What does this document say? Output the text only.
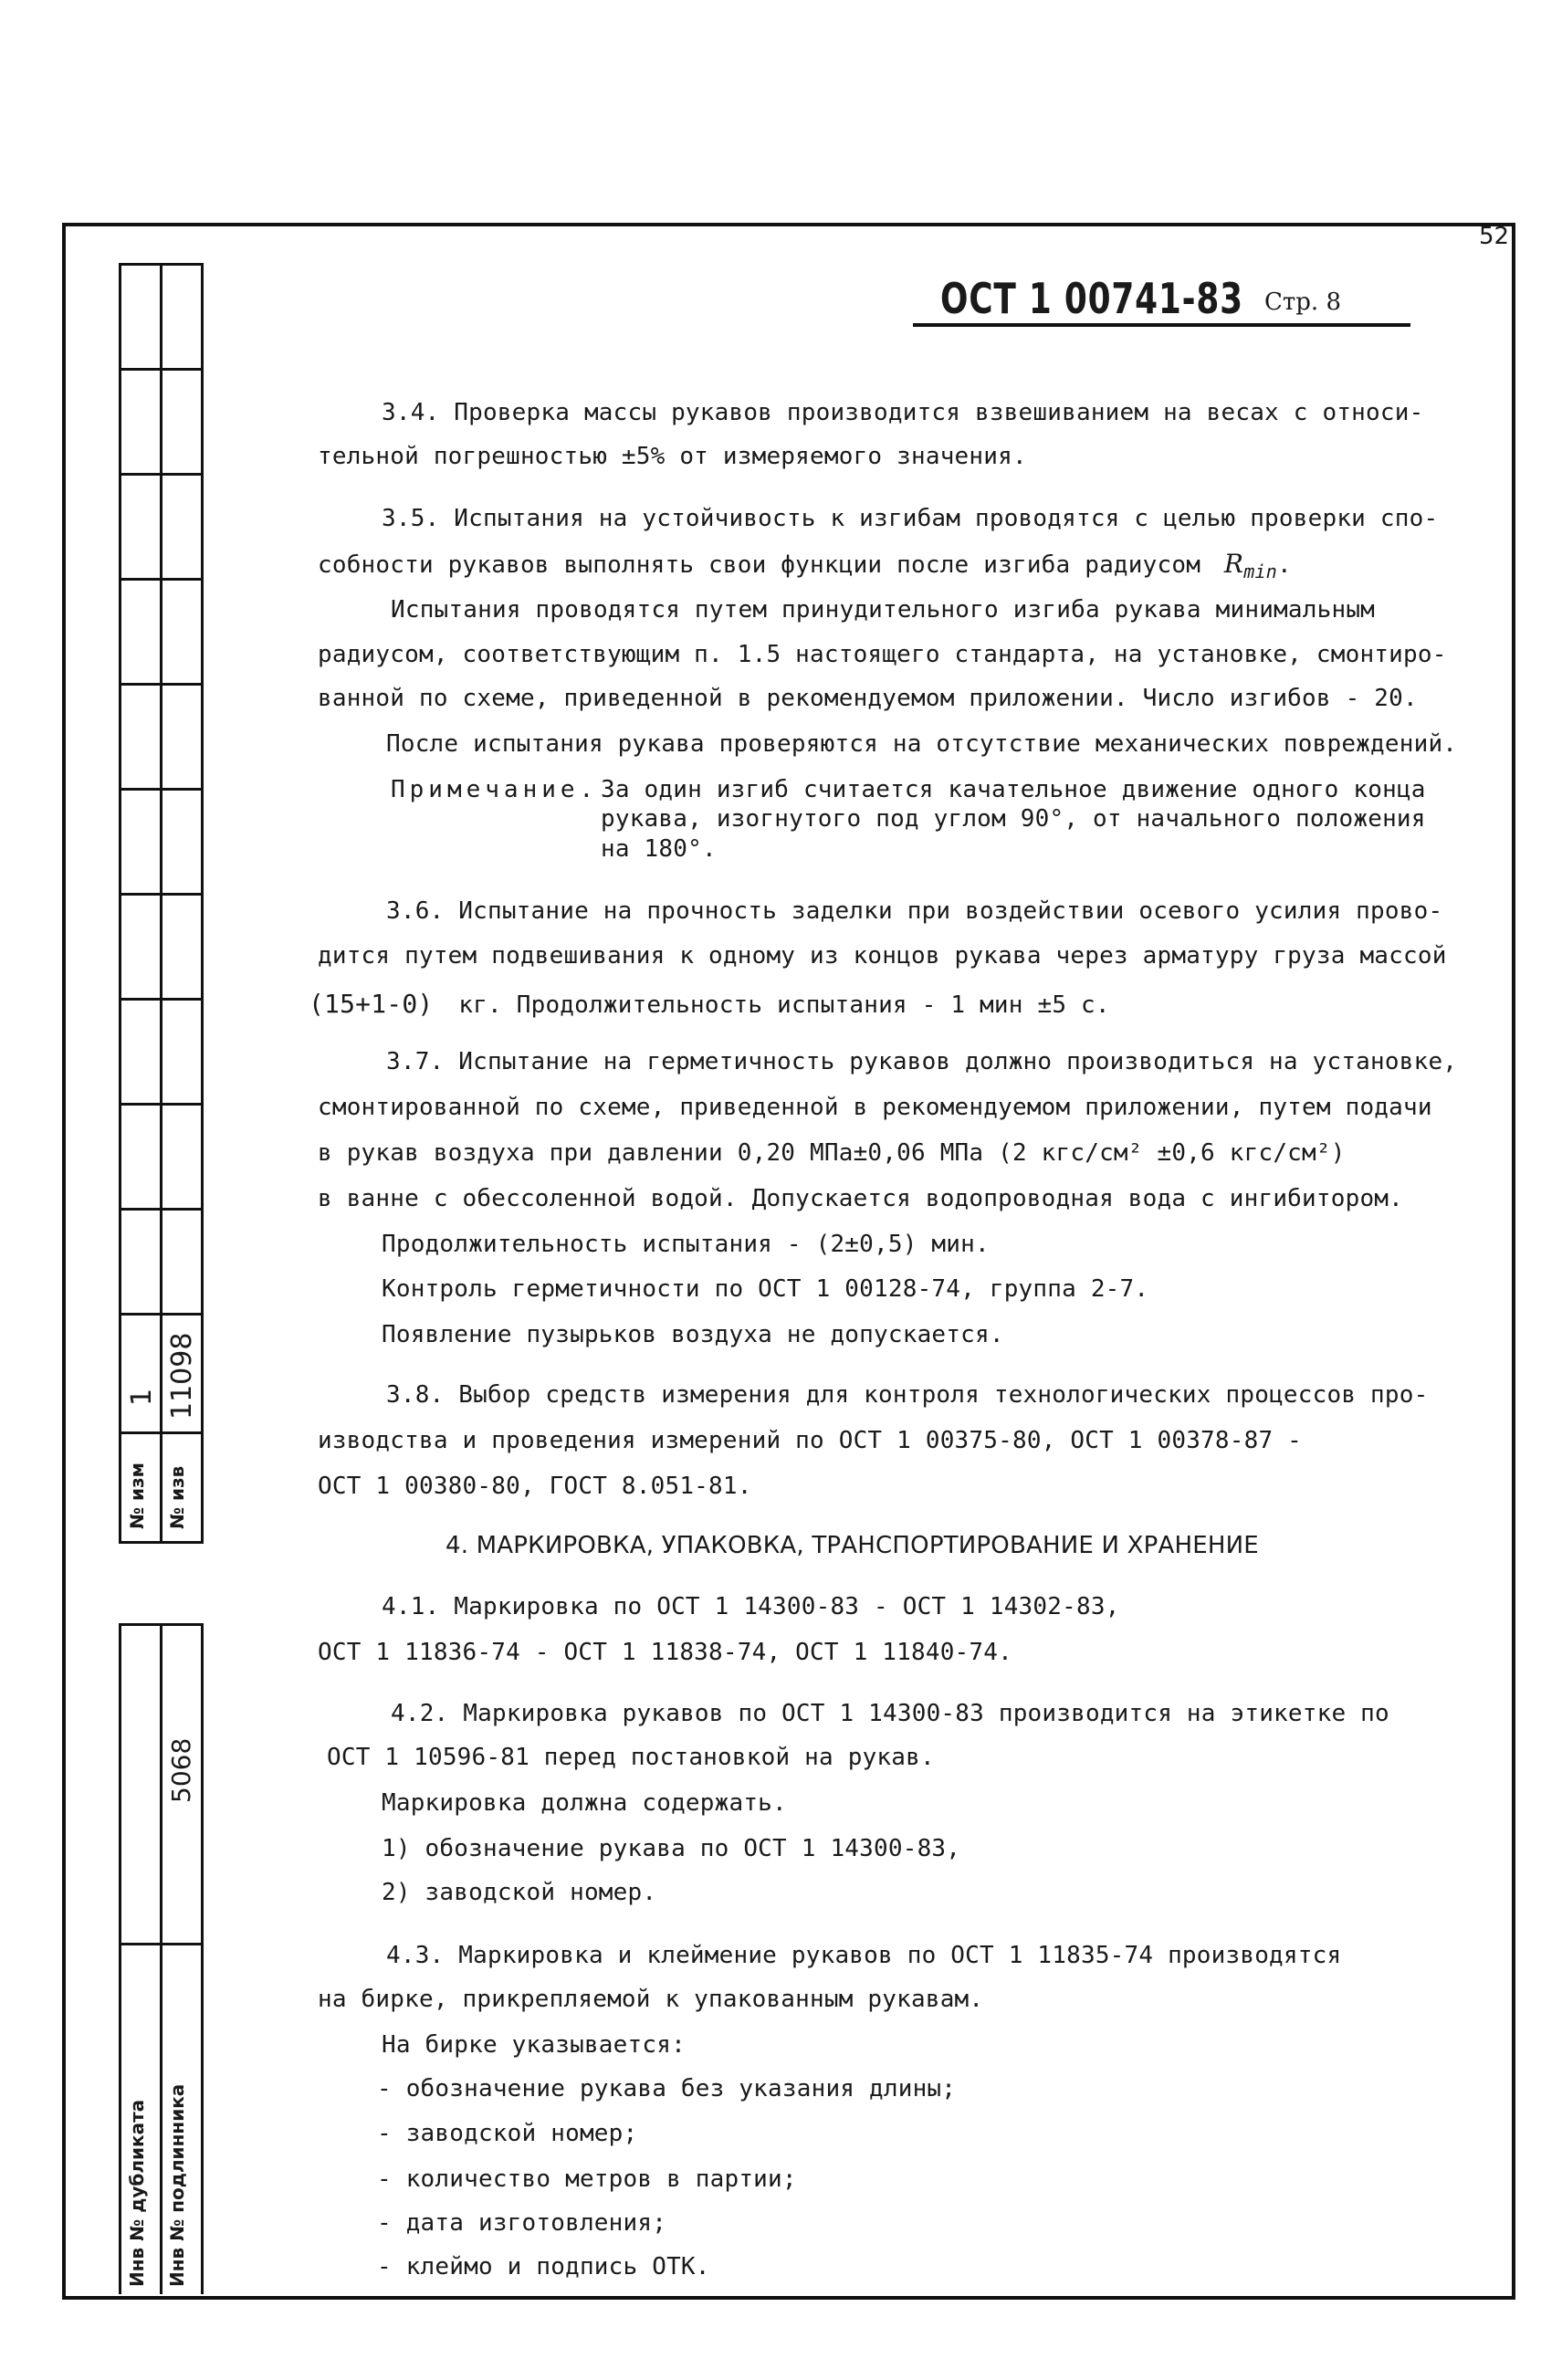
52
1 11098
№ изм № изв
5068
Инв № дубликата Инв № подлинника
ОСТ 1 00741-83 Стр. 8
3.4. Проверка массы рукавов производится взвешиванием на весах с относи-
тельной погрешностью ±5% от измеряемого значения.
3.5. Испытания на устойчивость к изгибам проводятся с целью проверки спо-
собности рукавов выполнять свои функции после изгиба радиусом $R_{min}$.
Испытания проводятся путем принудительного изгиба рукава минимальным
радиусом, соответствующим п. 1.5 настоящего стандарта, на установке, смонтиро-
ванной по схеме, приведенной в рекомендуемом приложении. Число изгибов - 20.
После испытания рукава проверяются на отсутствие механических повреждений.
Примечание. За один изгиб считается качательное движение одного конца
рукава, изогнутого под углом 90°, от начального положения
на 180°.
3.6. Испытание на прочность заделки при воздействии осевого усилия прово-
дится путем подвешивания к одному из концов рукава через арматуру груза массой
(15+1-0) кг. Продолжительность испытания - 1 мин ±5 с.
3.7. Испытание на герметичность рукавов должно производиться на установке,
смонтированной по схеме, приведенной в рекомендуемом приложении, путем подачи
в рукав воздуха при давлении 0,20 МПа±0,06 МПа (2 кгс/см² ±0,6 кгс/см²)
в ванне с обессоленной водой. Допускается водопроводная вода с ингибитором.
Продолжительность испытания - (2±0,5) мин.
Контроль герметичности по ОСТ 1 00128-74, группа 2-7.
Появление пузырьков воздуха не допускается.
3.8. Выбор средств измерения для контроля технологических процессов про-
изводства и проведения измерений по ОСТ 1 00375-80, ОСТ 1 00378-87 -
ОСТ 1 00380-80, ГОСТ 8.051-81.
4. МАРКИРОВКА, УПАКОВКА, ТРАНСПОРТИРОВАНИЕ И ХРАНЕНИЕ
4.1. Маркировка по ОСТ 1 14300-83 - ОСТ 1 14302-83,
ОСТ 1 11836-74 - ОСТ 1 11838-74, ОСТ 1 11840-74.
4.2. Маркировка рукавов по ОСТ 1 14300-83 производится на этикетке по
ОСТ 1 10596-81 перед постановкой на рукав.
Маркировка должна содержать.
1) обозначение рукава по ОСТ 1 14300-83,
2) заводской номер.
4.3. Маркировка и клеймение рукавов по ОСТ 1 11835-74 производятся
на бирке, прикрепляемой к упакованным рукавам.
На бирке указывается:
- обозначение рукава без указания длины;
- заводской номер;
- количество метров в партии;
- дата изготовления;
- клеймо и подпись ОТК.
